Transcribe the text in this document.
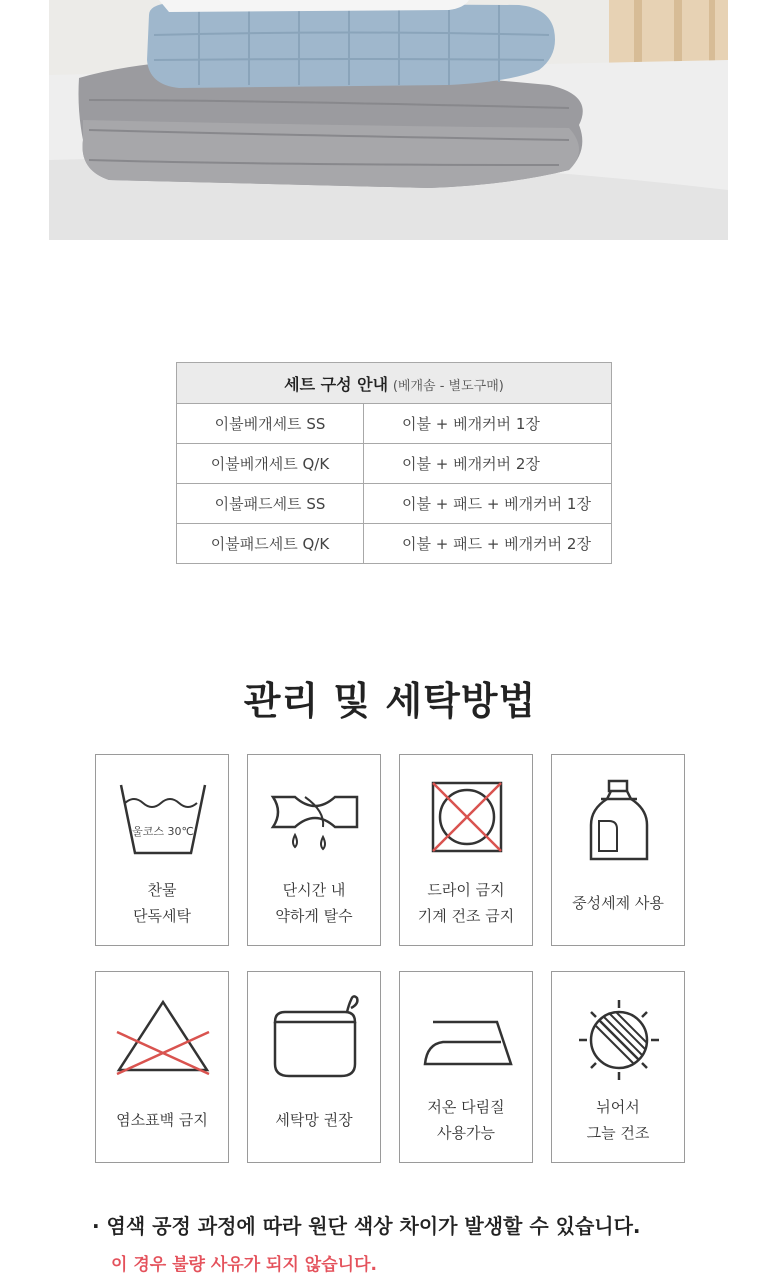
세트 구성 안내 (베개솜 - 별도구매)	
이불베개세트 SS	이불 + 베개커버 1장
이불베개세트 Q/K	이불 + 베개커버 2장
이불패드세트 SS	이불 + 패드 + 베개커버 1장
이불패드세트 Q/K	이불 + 패드 + 베개커버 2장
관리 및 세탁방법
울코스 30℃
찬물
단독세탁
단시간 내
약하게 탈수
드라이 금지
기계 건조 금지
중성세제 사용
염소표백 금지	세탁망 권장
저온 다림질
사용가능
뉘어서
그늘 건조
· 염색 공정 과정에 따라 원단 색상 차이가 발생할 수 있습니다.
이 경우 불량 사유가 되지 않습니다.
